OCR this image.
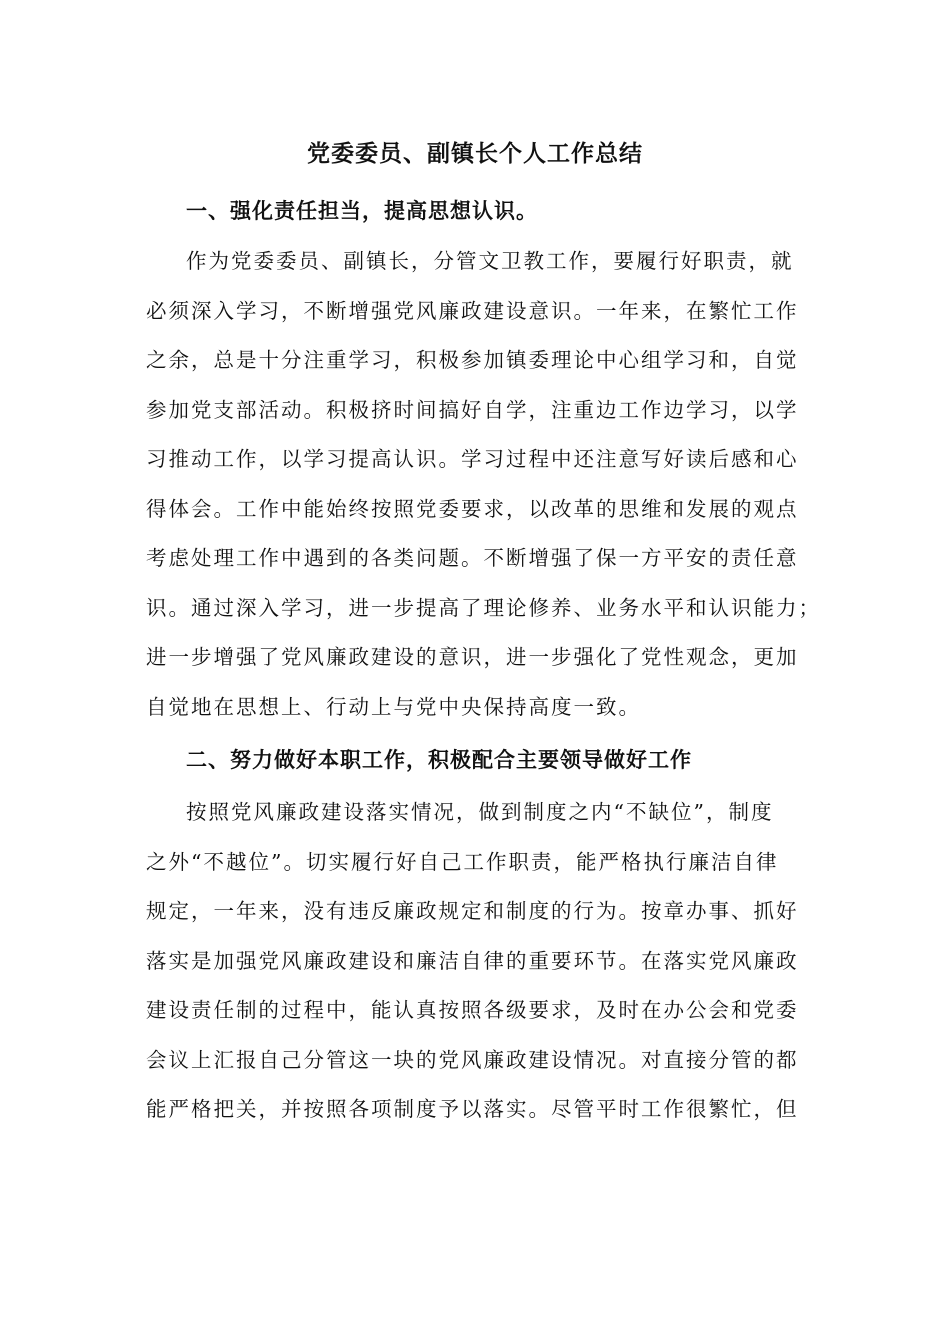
党委委员、副镇长个人工作总结
一、强化责任担当，提高思想认识。
作为党委委员、副镇长，分管文卫教工作，要履行好职责，就
必须深入学习，不断增强党风廉政建设意识。一年来，在繁忙工作
之余，总是十分注重学习，积极参加镇委理论中心组学习和，自觉
参加党支部活动。积极挤时间搞好自学，注重边工作边学习，以学
习推动工作，以学习提高认识。学习过程中还注意写好读后感和心
得体会。工作中能始终按照党委要求，以改革的思维和发展的观点
考虑处理工作中遇到的各类问题。不断增强了保一方平安的责任意
识。通过深入学习，进一步提高了理论修养、业务水平和认识能力；
进一步增强了党风廉政建设的意识，进一步强化了党性观念，更加
自觉地在思想上、行动上与党中央保持高度一致。
二、努力做好本职工作，积极配合主要领导做好工作
按照党风廉政建设落实情况，做到制度之内“不缺位”，制度
之外“不越位”。切实履行好自己工作职责，能严格执行廉洁自律
规定，一年来，没有违反廉政规定和制度的行为。按章办事、抓好
落实是加强党风廉政建设和廉洁自律的重要环节。在落实党风廉政
建设责任制的过程中，能认真按照各级要求，及时在办公会和党委
会议上汇报自己分管这一块的党风廉政建设情况。对直接分管的都
能严格把关，并按照各项制度予以落实。尽管平时工作很繁忙，但
